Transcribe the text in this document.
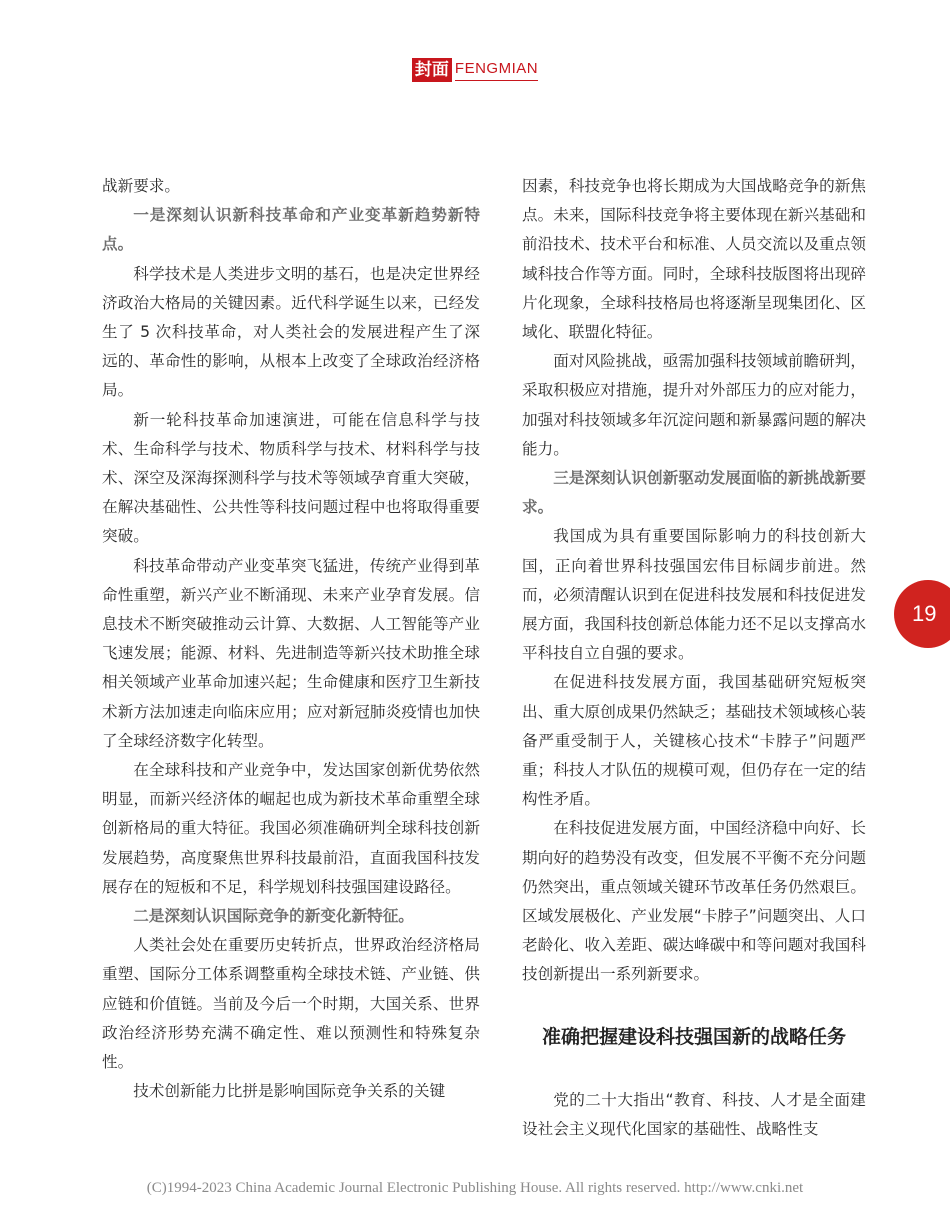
封面 FENGMIAN

战新要求。

一是深刻认识新科技革命和产业变革新趋势新特点。

科学技术是人类进步文明的基石，也是决定世界经济政治大格局的关键因素。近代科学诞生以来，已经发生了 5 次科技革命，对人类社会的发展进程产生了深远的、革命性的影响，从根本上改变了全球政治经济格局。

新一轮科技革命加速演进，可能在信息科学与技术、生命科学与技术、物质科学与技术、材料科学与技术、深空及深海探测科学与技术等领域孕育重大突破，在解决基础性、公共性等科技问题过程中也将取得重要突破。

科技革命带动产业变革突飞猛进，传统产业得到革命性重塑，新兴产业不断涌现、未来产业孕育发展。信息技术不断突破推动云计算、大数据、人工智能等产业飞速发展；能源、材料、先进制造等新兴技术助推全球相关领域产业革命加速兴起；生命健康和医疗卫生新技术新方法加速走向临床应用；应对新冠肺炎疫情也加快了全球经济数字化转型。

在全球科技和产业竞争中，发达国家创新优势依然明显，而新兴经济体的崛起也成为新技术革命重塑全球创新格局的重大特征。我国必须准确研判全球科技创新发展趋势，高度聚焦世界科技最前沿，直面我国科技发展存在的短板和不足，科学规划科技强国建设路径。

二是深刻认识国际竞争的新变化新特征。

人类社会处在重要历史转折点，世界政治经济格局重塑、国际分工体系调整重构全球技术链、产业链、供应链和价值链。当前及今后一个时期，大国关系、世界政治经济形势充满不确定性、难以预测性和特殊复杂性。

技术创新能力比拼是影响国际竞争关系的关键

因素，科技竞争也将长期成为大国战略竞争的新焦点。未来，国际科技竞争将主要体现在新兴基础和前沿技术、技术平台和标准、人员交流以及重点领域科技合作等方面。同时，全球科技版图将出现碎片化现象，全球科技格局也将逐渐呈现集团化、区域化、联盟化特征。

面对风险挑战，亟需加强科技领域前瞻研判，采取积极应对措施，提升对外部压力的应对能力，加强对科技领域多年沉淀问题和新暴露问题的解决能力。

三是深刻认识创新驱动发展面临的新挑战新要求。

我国成为具有重要国际影响力的科技创新大国，正向着世界科技强国宏伟目标阔步前进。然而，必须清醒认识到在促进科技发展和科技促进发展方面，我国科技创新总体能力还不足以支撑高水平科技自立自强的要求。

在促进科技发展方面，我国基础研究短板突出、重大原创成果仍然缺乏；基础技术领域核心装备严重受制于人，关键核心技术“卡脖子”问题严重；科技人才队伍的规模可观，但仍存在一定的结构性矛盾。

在科技促进发展方面，中国经济稳中向好、长期向好的趋势没有改变，但发展不平衡不充分问题仍然突出，重点领域关键环节改革任务仍然艰巨。区域发展极化、产业发展“卡脖子”问题突出、人口老龄化、收入差距、碳达峰碳中和等问题对我国科技创新提出一系列新要求。

准确把握建设科技强国新的战略任务

党的二十大指出“教育、科技、人才是全面建设社会主义现代化国家的基础性、战略性支

19
(C)1994-2023 China Academic Journal Electronic Publishing House. All rights reserved. http://www.cnki.net
